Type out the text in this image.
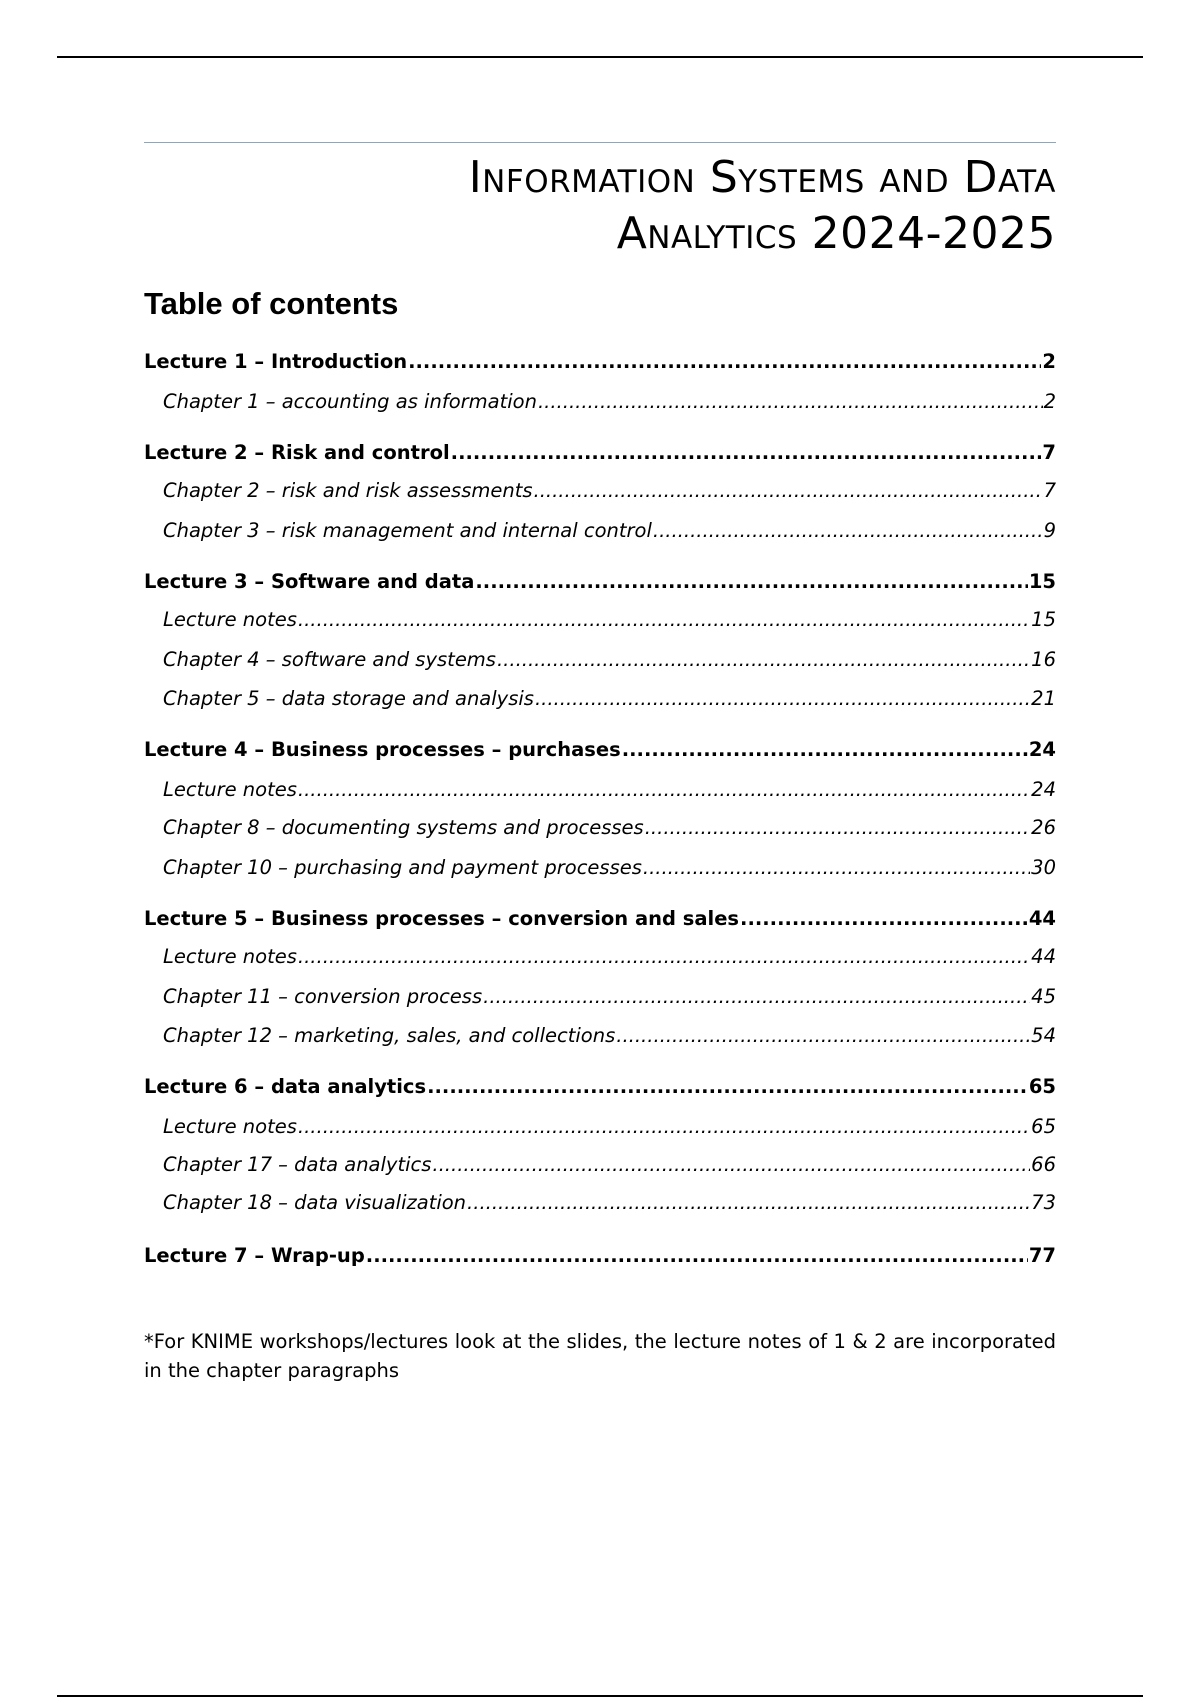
Information Systems and Data
Analytics 2024-2025
Table of contents
Lecture 1 – Introduction .....	2
Chapter 1 – accounting as information .....	2
Lecture 2 – Risk and control .....	7
Chapter 2 – risk and risk assessments .....	7
Chapter 3 – risk management and internal control .....	9
Lecture 3 – Software and data .....	15
Lecture notes .....	15
Chapter 4 – software and systems .....	16
Chapter 5 – data storage and analysis .....	21
Lecture 4 – Business processes – purchases .....	24
Lecture notes .....	24
Chapter 8 – documenting systems and processes .....	26
Chapter 10 – purchasing and payment processes .....	30
Lecture 5 – Business processes – conversion and sales .....	44
Lecture notes .....	44
Chapter 11 – conversion process .....	45
Chapter 12 – marketing, sales, and collections .....	54
Lecture 6 – data analytics .....	65
Lecture notes .....	65
Chapter 17 – data analytics .....	66
Chapter 18 – data visualization .....	73
Lecture 7 – Wrap-up .....	77

*For KNIME workshops/lectures look at the slides, the lecture notes of 1 & 2 are incorporated in the chapter paragraphs
